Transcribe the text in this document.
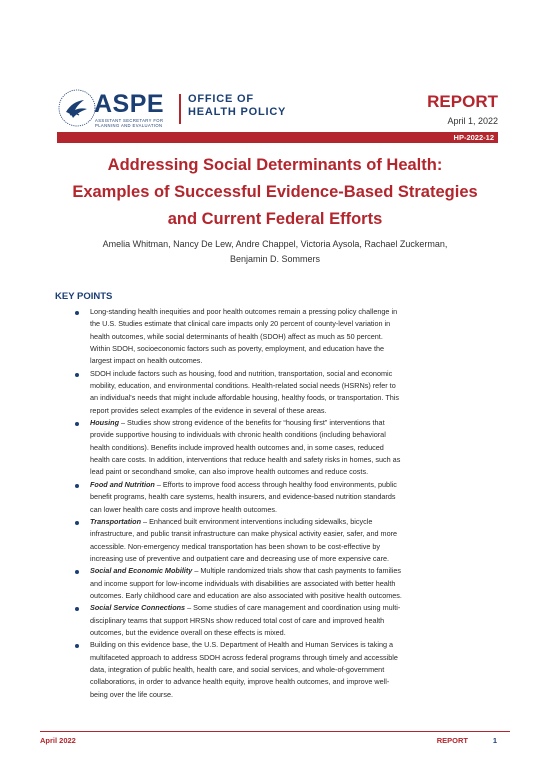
ASPE
ASSISTANT SECRETARY FOR PLANNING AND EVALUATION
OFFICE OF
HEALTH POLICY
REPORT
April 1, 2022
HP-2022-12
Addressing Social Determinants of Health:
Examples of Successful Evidence-Based Strategies
and Current Federal Efforts
Amelia Whitman, Nancy De Lew, Andre Chappel, Victoria Aysola, Rachael Zuckerman,
Benjamin D. Sommers
KEY POINTS
Long-standing health inequities and poor health outcomes remain a pressing policy challenge in
the U.S. Studies estimate that clinical care impacts only 20 percent of county-level variation in
health outcomes, while social determinants of health (SDOH) affect as much as 50 percent.
Within SDOH, socioeconomic factors such as poverty, employment, and education have the
largest impact on health outcomes.
SDOH include factors such as housing, food and nutrition, transportation, social and economic
mobility, education, and environmental conditions. Health-related social needs (HSRNs) refer to
an individual's needs that might include affordable housing, healthy foods, or transportation. This
report provides select examples of the evidence in several of these areas.
Housing – Studies show strong evidence of the benefits for “housing first” interventions that
provide supportive housing to individuals with chronic health conditions (including behavioral
health conditions). Benefits include improved health outcomes and, in some cases, reduced
health care costs. In addition, interventions that reduce health and safety risks in homes, such as
lead paint or secondhand smoke, can also improve health outcomes and reduce costs.
Food and Nutrition – Efforts to improve food access through healthy food environments, public
benefit programs, health care systems, health insurers, and evidence-based nutrition standards
can lower health care costs and improve health outcomes.
Transportation – Enhanced built environment interventions including sidewalks, bicycle
infrastructure, and public transit infrastructure can make physical activity easier, safer, and more
accessible. Non-emergency medical transportation has been shown to be cost-effective by
increasing use of preventive and outpatient care and decreasing use of more expensive care.
Social and Economic Mobility – Multiple randomized trials show that cash payments to families
and income support for low-income individuals with disabilities are associated with better health
outcomes. Early childhood care and education are also associated with positive health outcomes.
Social Service Connections – Some studies of care management and coordination using multi-
disciplinary teams that support HRSNs show reduced total cost of care and improved health
outcomes, but the evidence overall on these effects is mixed.
Building on this evidence base, the U.S. Department of Health and Human Services is taking a
multifaceted approach to address SDOH across federal programs through timely and accessible
data, integration of public health, health care, and social services, and whole-of-government
collaborations, in order to advance health equity, improve health outcomes, and improve well-
being over the life course.
April 2022	REPORT	1
